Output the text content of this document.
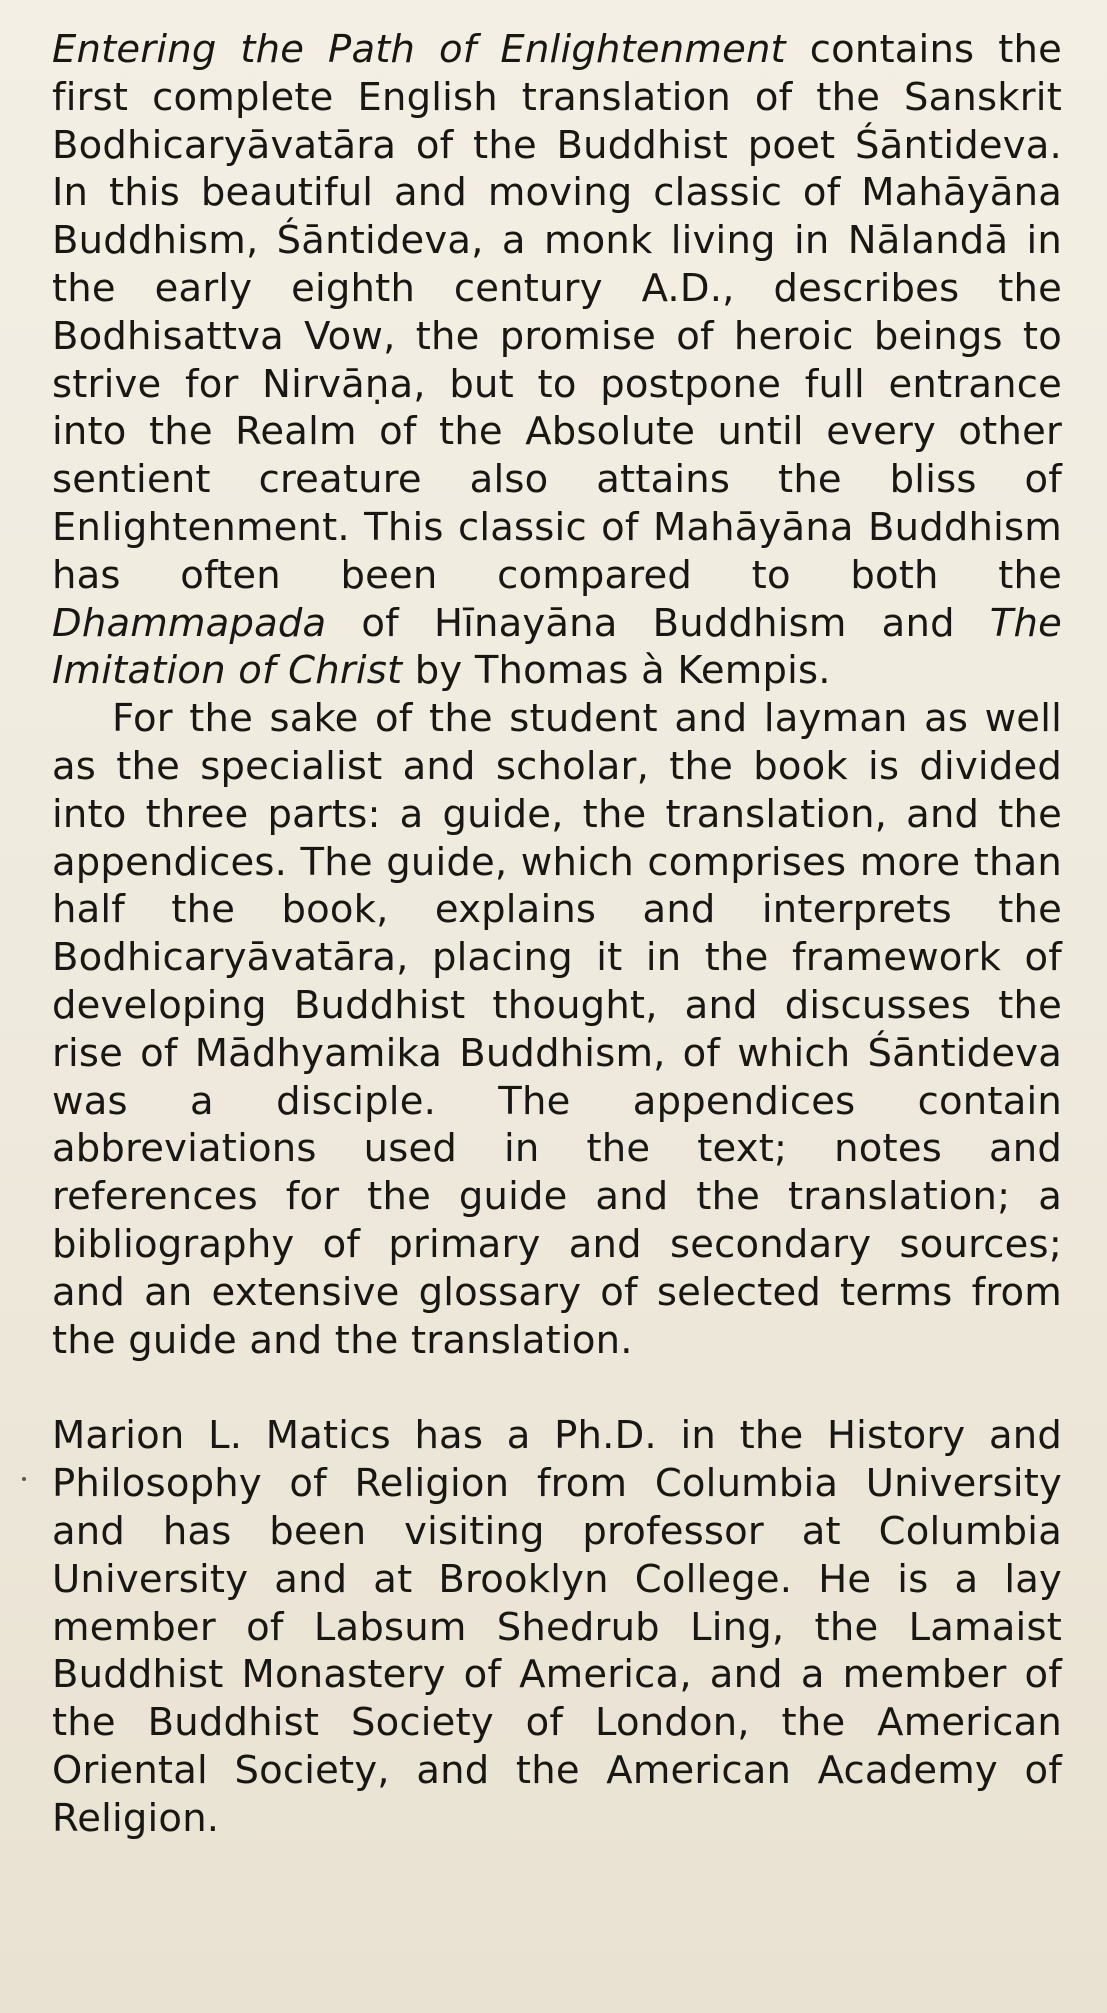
Entering the Path of Enlightenment contains the first complete English translation of the Sanskrit Bodhicaryāvatāra of the Buddhist poet Śāntideva. In this beautiful and moving classic of Mahāyāna Buddhism, Śāntideva, a monk living in Nālandā in the early eighth century A.D., describes the Bodhisattva Vow, the promise of heroic beings to strive for Nirvāṇa, but to postpone full entrance into the Realm of the Absolute until every other sentient creature also attains the bliss of Enlightenment. This classic of Mahāyāna Buddhism has often been compared to both the Dhammapada of Hīnayāna Buddhism and The Imitation of Christ by Thomas à Kempis.

For the sake of the student and layman as well as the specialist and scholar, the book is divided into three parts: a guide, the translation, and the appendices. The guide, which comprises more than half the book, explains and interprets the Bodhicaryāvatāra, placing it in the framework of developing Buddhist thought, and discusses the rise of Mādhyamika Buddhism, of which Śāntideva was a disciple. The appendices contain abbreviations used in the text; notes and references for the guide and the translation; a bibliography of primary and secondary sources; and an extensive glossary of selected terms from the guide and the translation.

Marion L. Matics has a Ph.D. in the History and Philosophy of Religion from Columbia University and has been visiting professor at Columbia University and at Brooklyn College. He is a lay member of Labsum Shedrub Ling, the Lamaist Buddhist Monastery of America, and a member of the Buddhist Society of London, the American Oriental Society, and the American Academy of Religion.
